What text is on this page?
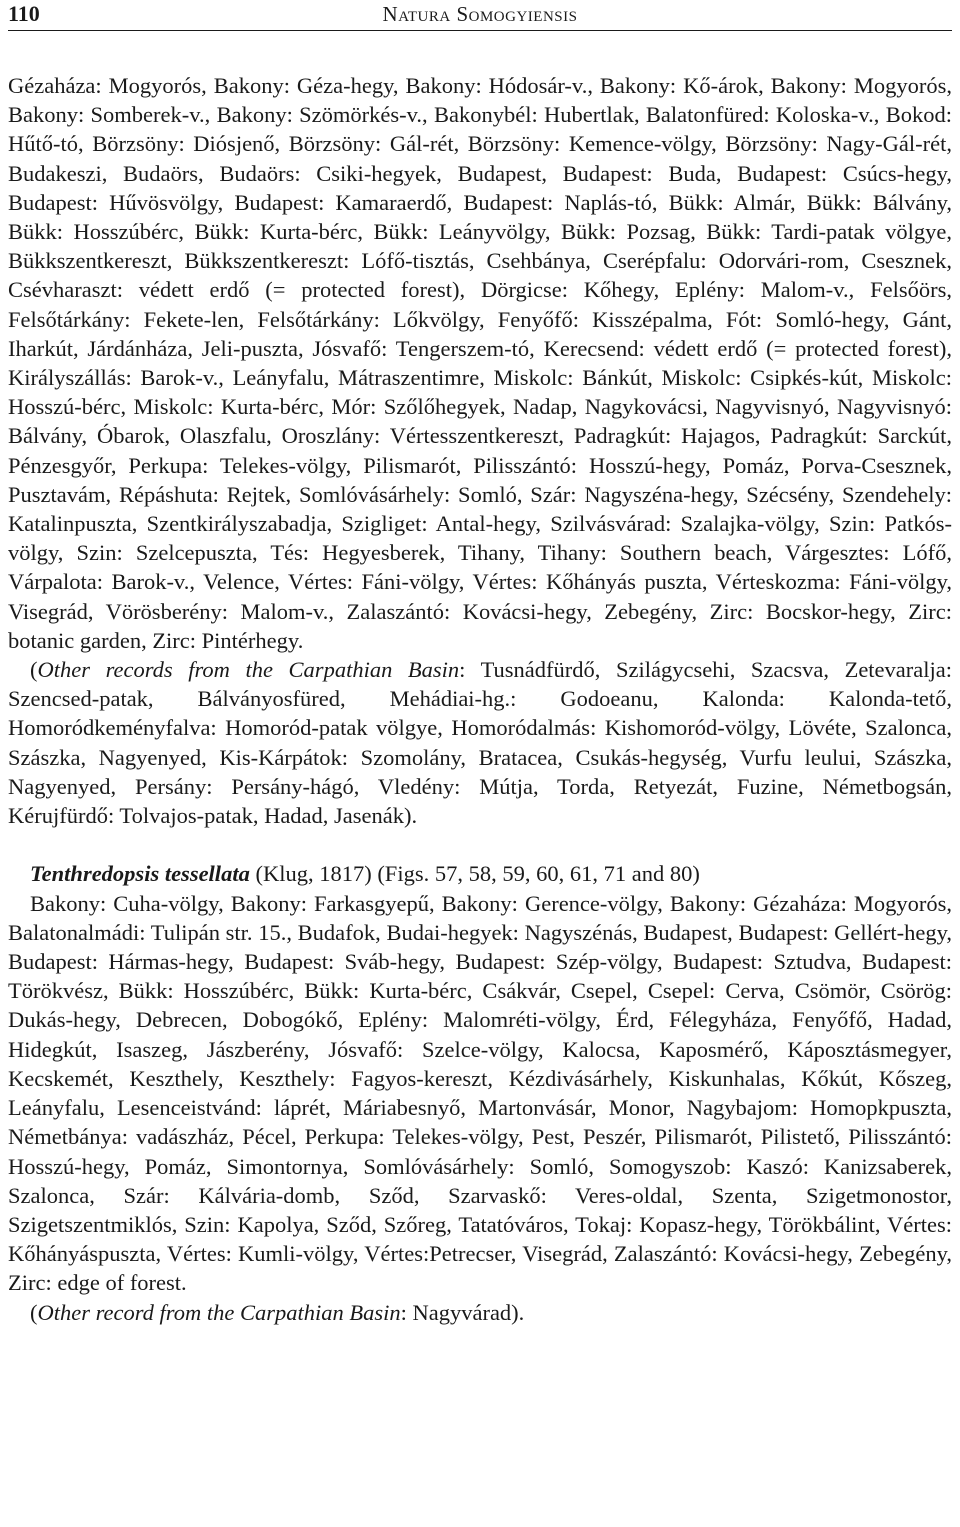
110	Natura Somogyiensis

Gézaháza: Mogyorós, Bakony: Géza-hegy, Bakony: Hódosár-v., Bakony: Kő-árok, Bakony: Mogyorós, Bakony: Somberek-v., Bakony: Szömörkés-v., Bakonybél: Hubertlak, Balatonfüred: Koloska-v., Bokod: Hűtő-tó, Börzsöny: Diósjenő, Börzsöny: Gál-rét, Börzsöny: Kemence-völgy, Börzsöny: Nagy-Gál-rét, Budakeszi, Budaörs, Budaörs: Csiki-hegyek, Budapest, Budapest: Buda, Budapest: Csúcs-hegy, Budapest: Hűvösvölgy, Budapest: Kamaraerdő, Budapest: Naplás-tó, Bükk: Almár, Bükk: Bálvány, Bükk: Hosszúbérc, Bükk: Kurta-bérc, Bükk: Leányvölgy, Bükk: Pozsag, Bükk: Tardi-patak völgye, Bükkszentkereszt, Bükkszentkereszt: Lófő-tisztás, Csehbánya, Cserépfalu: Odorvári-rom, Csesznek, Csévharaszt: védett erdő (= protected forest), Dörgicse: Kőhegy, Eplény: Malom-v., Felsőörs, Felsőtárkány: Fekete-len, Felsőtárkány: Lőkvölgy, Fenyőfő: Kisszépalma, Fót: Somló-hegy, Gánt, Iharkút, Járdánháza, Jeli-puszta, Jósvafő: Tengerszem-tó, Kerecsend: védett erdő (= protected forest), Királyszállás: Barok-v., Leányfalu, Mátraszentimre, Miskolc: Bánkút, Miskolc: Csipkés-kút, Miskolc: Hosszú-bérc, Miskolc: Kurta-bérc, Mór: Szőlőhegyek, Nadap, Nagykovácsi, Nagyvisnyó, Nagyvisnyó: Bálvány, Óbarok, Olaszfalu, Oroszlány: Vértesszentkereszt, Padragkút: Hajagos, Padragkút: Sarckút, Pénzesgyőr, Perkupa: Telekes-völgy, Pilismarót, Pilisszántó: Hosszú-hegy, Pomáz, Porva-Csesznek, Pusztavám, Répáshuta: Rejtek, Somlóvásárhely: Somló, Szár: Nagyszéna-hegy, Szécsény, Szendehely: Katalinpuszta, Szentkirályszabadja, Szigliget: Antal-hegy, Szilvásvárad: Szalajka-völgy, Szin: Patkós-völgy, Szin: Szelcepuszta, Tés: Hegyesberek, Tihany, Tihany: Southern beach, Várgesztes: Lófő, Várpalota: Barok-v., Velence, Vértes: Fáni-völgy, Vértes: Kőhányás puszta, Vérteskozma: Fáni-völgy, Visegrád, Vörösberény: Malom-v., Zalaszántó: Kovácsi-hegy, Zebegény, Zirc: Bocskor-hegy, Zirc: botanic garden, Zirc: Pintérhegy.

(Other records from the Carpathian Basin: Tusnádfürdő, Szilágycsehi, Szacsva, Zetevaralja: Szencsed-patak, Bálványosfüred, Mehádiai-hg.: Godoeanu, Kalonda: Kalonda-tető, Homoródkeményfalva: Homoród-patak völgye, Homoródalmás: Kishomoród-völgy, Lövéte, Szalonca, Szászka, Nagyenyed, Kis-Kárpátok: Szomolány, Bratacea, Csukás-hegység, Vurfu leului, Szászka, Nagyenyed, Persány: Persány-hágó, Vledény: Mútja, Torda, Retyezát, Fuzine, Németbogsán, Kérujfürdő: Tolvajos-patak, Hadad, Jasenák).

Tenthredopsis tessellata (Klug, 1817) (Figs. 57, 58, 59, 60, 61, 71 and 80)

Bakony: Cuha-völgy, Bakony: Farkasgyepű, Bakony: Gerence-völgy, Bakony: Gézaháza: Mogyorós, Balatonalmádi: Tulipán str. 15., Budafok, Budai-hegyek: Nagyszénás, Budapest, Budapest: Gellért-hegy, Budapest: Hármas-hegy, Budapest: Sváb-hegy, Budapest: Szép-völgy, Budapest: Sztudva, Budapest: Törökvész, Bükk: Hosszúbérc, Bükk: Kurta-bérc, Csákvár, Csepel, Csepel: Cerva, Csömör, Csörög: Dukás-hegy, Debrecen, Dobogókő, Eplény: Malomréti-völgy, Érd, Félegyháza, Fenyőfő, Hadad, Hidegkút, Isaszeg, Jászberény, Jósvafő: Szelce-völgy, Kalocsa, Kaposmérő, Káposztásmegyer, Kecskemét, Keszthely, Keszthely: Fagyos-kereszt, Kézdivásárhely, Kiskunhalas, Kőkút, Kőszeg, Leányfalu, Lesenceistvánd: láprét, Máriabesnyő, Martonvásár, Monor, Nagybajom: Homopkpuszta, Németbánya: vadászház, Pécel, Perkupa: Telekes-völgy, Pest, Peszér, Pilismarót, Pilistető, Pilisszántó: Hosszú-hegy, Pomáz, Simontornya, Somlóvásárhely: Somló, Somogyszob: Kaszó: Kanizsaberek, Szalonca, Szár: Kálvária-domb, Sződ, Szarvaskő: Veres-oldal, Szenta, Szigetmonostor, Szigetszentmiklós, Szin: Kapolya, Sződ, Szőreg, Tatatóváros, Tokaj: Kopasz-hegy, Törökbálint, Vértes: Kőhányáspuszta, Vértes: Kumli-völgy, Vértes:Petrecser, Visegrád, Zalaszántó: Kovácsi-hegy, Zebegény, Zirc: edge of forest.

(Other record from the Carpathian Basin: Nagyvárad).
